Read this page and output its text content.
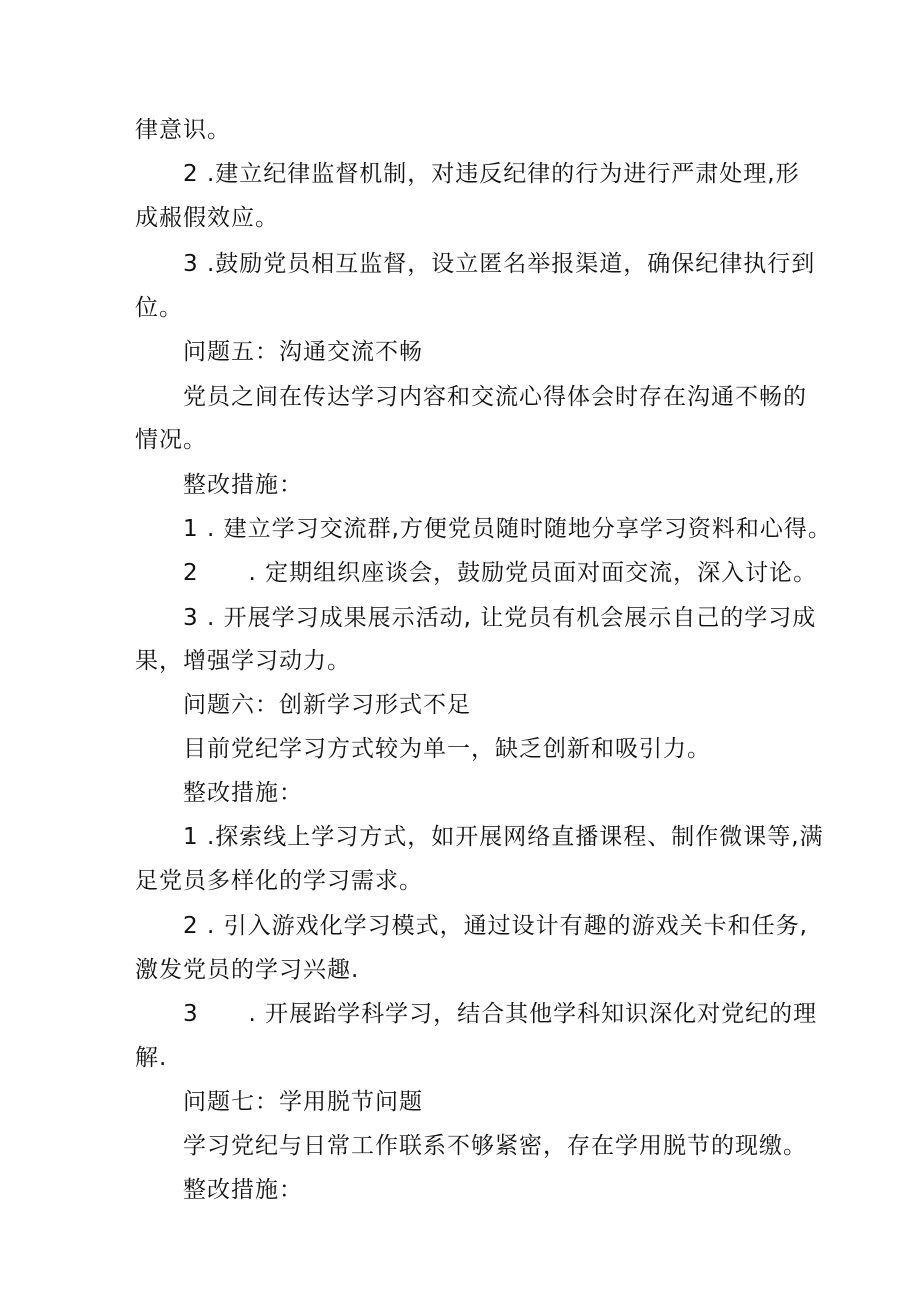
律意识。
2 .建立纪律监督机制，对违反纪律的行为进行严肃处理,形
成赧假效应。
3 .鼓励党员相互监督，设立匿名举报渠道，确保纪律执行到
位。
问题五：沟通交流不畅
党员之间在传达学习内容和交流心得体会时存在沟通不畅的
情况。
整改措施：
1 . 建立学习交流群,方便党员随时随地分享学习资料和心得。
2      . 定期组织座谈会，鼓励党员面对面交流，深入讨论。
3 . 开展学习成果展示活动, 让党员有机会展示自己的学习成
果，增强学习动力。
问题六：创新学习形式不足
目前党纪学习方式较为单一，缺乏创新和吸引力。
整改措施：
1 .探索线上学习方式，如开展网络直播课程、制作微课等,满
足党员多样化的学习需求。
2 . 引入游戏化学习模式，通过设计有趣的游戏关卡和任务,
激发党员的学习兴趣.
3      . 开展跆学科学习，结合其他学科知识深化对党纪的理
解.
问题七：学用脱节问题
学习党纪与日常工作联系不够紧密，存在学用脱节的现缴。
整改措施：
